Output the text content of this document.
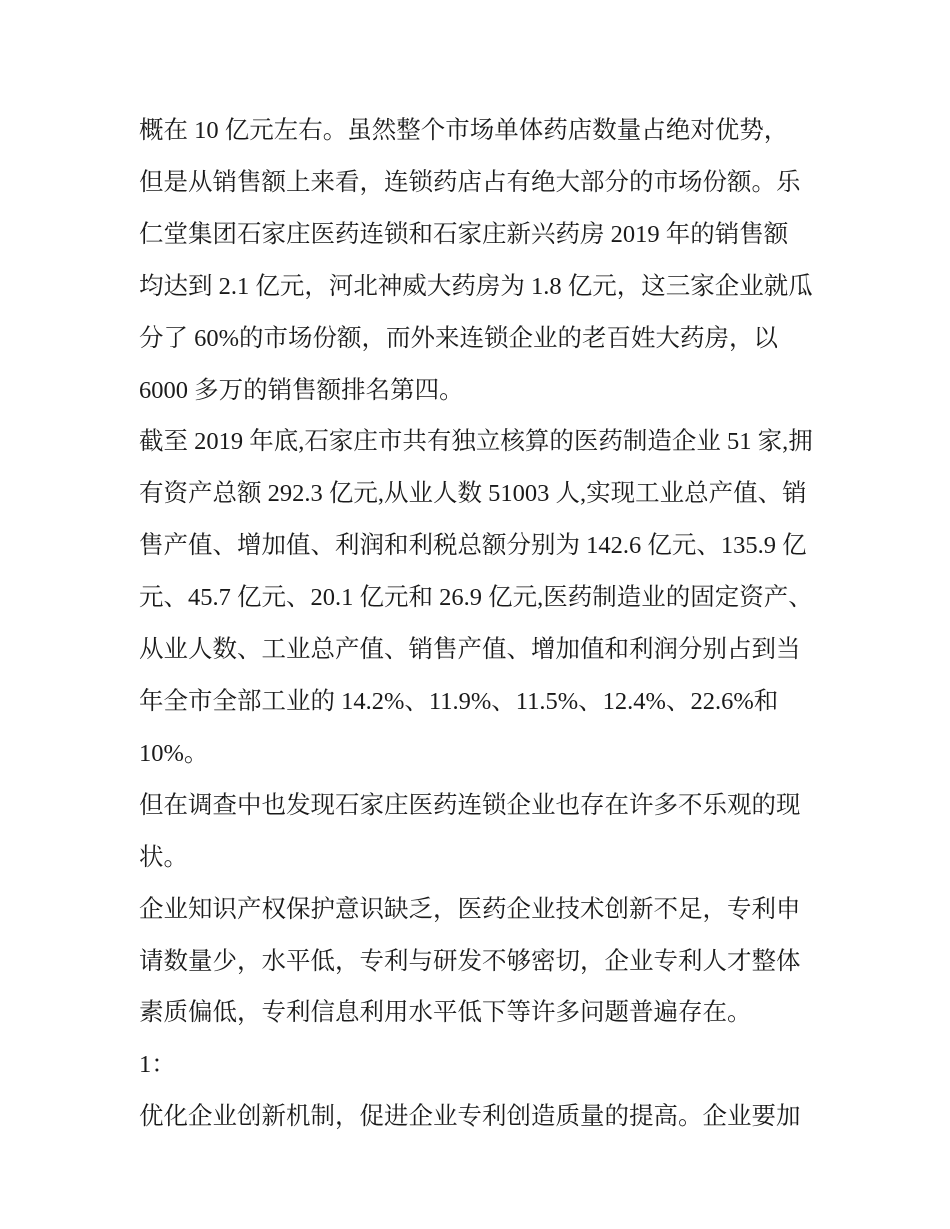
概在 10 亿元左右。虽然整个市场单体药店数量占绝对优势，

但是从销售额上来看，连锁药店占有绝大部分的市场份额。乐

仁堂集团石家庄医药连锁和石家庄新兴药房 2019 年的销售额

均达到 2.1 亿元，河北神威大药房为 1.8 亿元，这三家企业就瓜

分了 60%的市场份额，而外来连锁企业的老百姓大药房，以

6000 多万的销售额排名第四。

截至 2019 年底,石家庄市共有独立核算的医药制造企业 51 家,拥

有资产总额 292.3 亿元,从业人数 51003 人,实现工业总产值、销

售产值、增加值、利润和利税总额分别为 142.6 亿元、135.9 亿

元、45.7 亿元、20.1 亿元和 26.9 亿元,医药制造业的固定资产、

从业人数、工业总产值、销售产值、增加值和利润分别占到当

年全市全部工业的 14.2%、11.9%、11.5%、12.4%、22.6%和

10%。

但在调查中也发现石家庄医药连锁企业也存在许多不乐观的现

状。

企业知识产权保护意识缺乏，医药企业技术创新不足，专利申

请数量少，水平低，专利与研发不够密切，企业专利人才整体

素质偏低，专利信息利用水平低下等许多问题普遍存在。

1：

优化企业创新机制，促进企业专利创造质量的提高。企业要加
